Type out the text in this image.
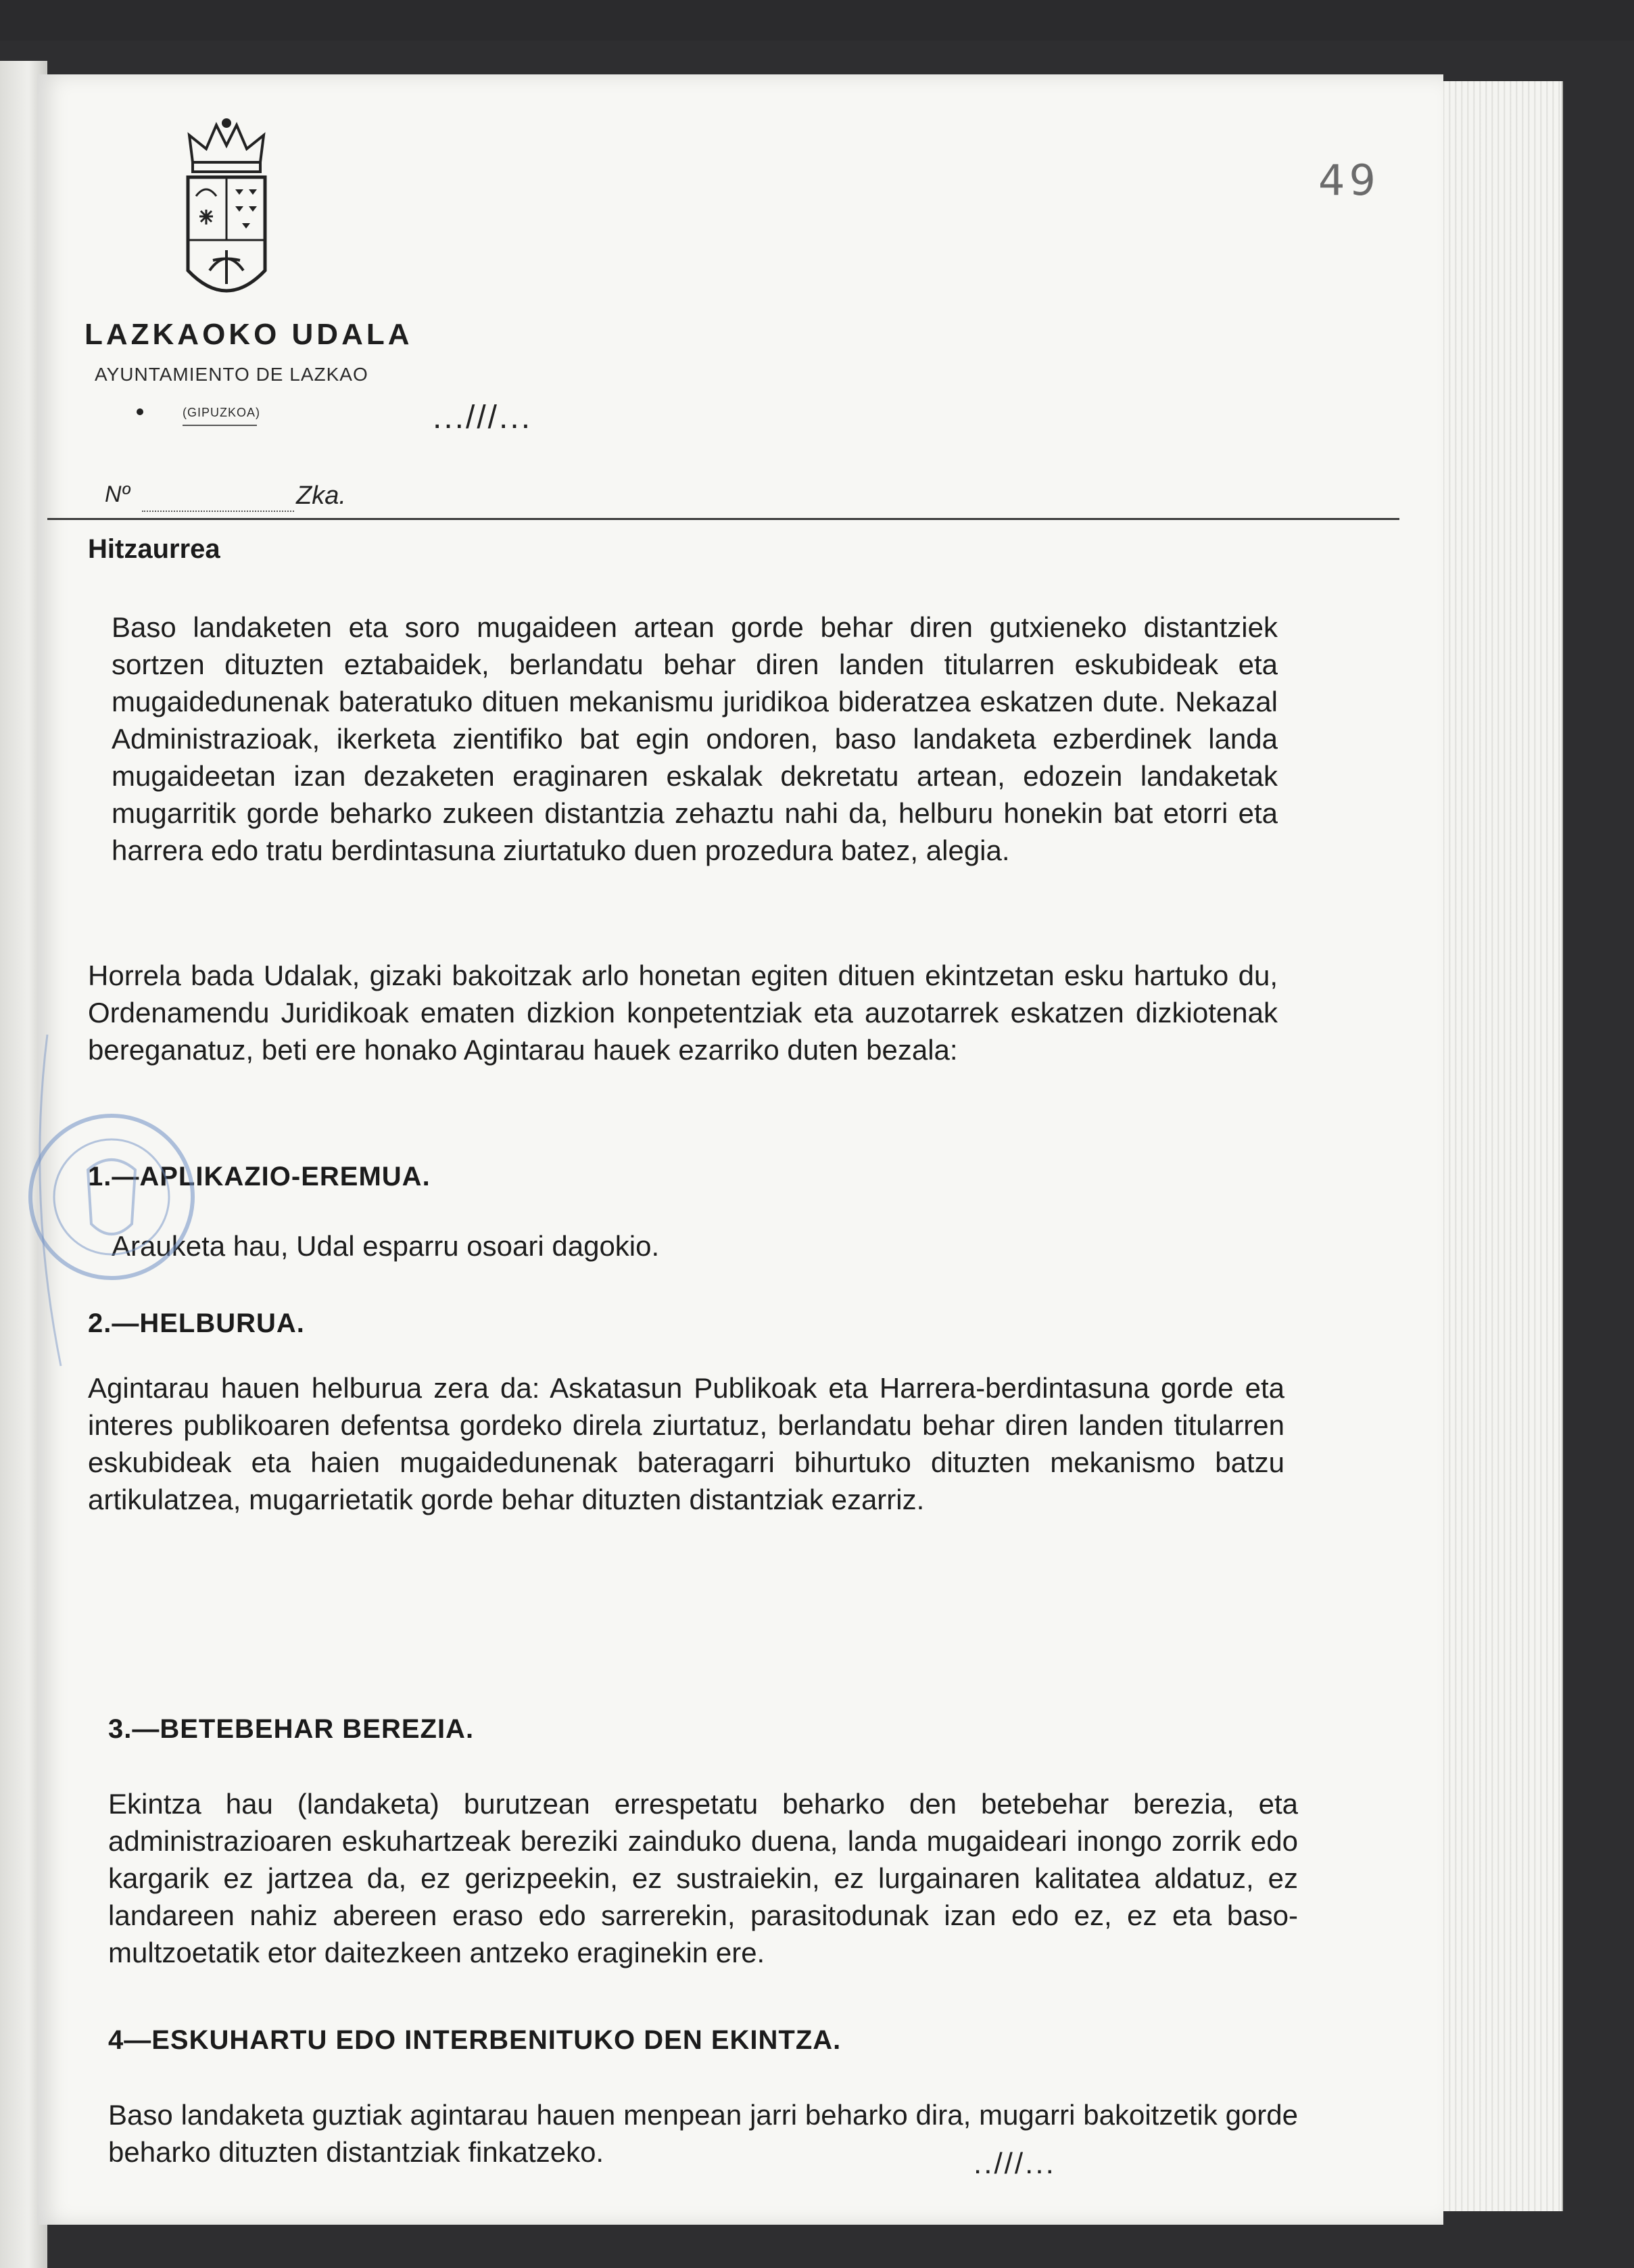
49
LAZKAOKO UDALA
AYUNTAMIENTO DE LAZKAO
(GIPUZKOA)	...///...
Nº	Zka.
Hitzaurrea
Baso landaketen eta soro mugaideen artean gorde behar diren gutxieneko distantziek sortzen dituzten eztabaidek, berlandatu behar diren landen titularren eskubideak eta mugaidedunenak bateratuko dituen mekanismu juridikoa bideratzea eskatzen dute. Nekazal Administrazioak, ikerketa zientifiko bat egin ondoren, baso landaketa ezberdinek landa mugaideetan izan dezaketen eraginaren eskalak dekretatu artean, edozein landaketak mugarritik gorde beharko zukeen distantzia zehaztu nahi da, helburu honekin bat etorri eta harrera edo tratu berdintasuna ziurtatuko duen prozedura batez, alegia.
Horrela bada Udalak, gizaki bakoitzak arlo honetan egiten dituen ekintzetan esku hartuko du, Ordenamendu Juridikoak ematen dizkion konpetentziak eta auzotarrek eskatzen dizkiotenak bereganatuz, beti ere honako Agintarau hauek ezarriko duten bezala:
1.—APLIKAZIO-EREMUA.
Arauketa hau, Udal esparru osoari dagokio.
2.—HELBURUA.
Agintarau hauen helburua zera da: Askatasun Publikoak eta Harrera-berdintasuna gorde eta interes publikoaren defentsa gordeko direla ziurtatuz, berlandatu behar diren landen titularren eskubideak eta haien mugaidedunenak bateragarri bihurtuko dituzten mekanismo batzu artikulatzea, mugarrietatik gorde behar dituzten distantziak ezarriz.
3.—BETEBEHAR BEREZIA.
Ekintza hau (landaketa) burutzean errespetatu beharko den betebehar berezia, eta administrazioaren eskuhartzeak bereziki zainduko duena, landa mugaideari inongo zorrik edo kargarik ez jartzea da, ez gerizpeekin, ez sustraiekin, ez lurgainaren kalitatea aldatuz, ez landareen nahiz abereen eraso edo sarrerekin, parasitodunak izan edo ez, ez eta baso-multzoetatik etor daitezkeen antzeko eraginekin ere.
4—ESKUHARTU EDO INTERBENITUKO DEN EKINTZA.
Baso landaketa guztiak agintarau hauen menpean jarri beharko dira, mugarri bakoitzetik gorde beharko dituzten distantziak finkatzeko.	..///...
